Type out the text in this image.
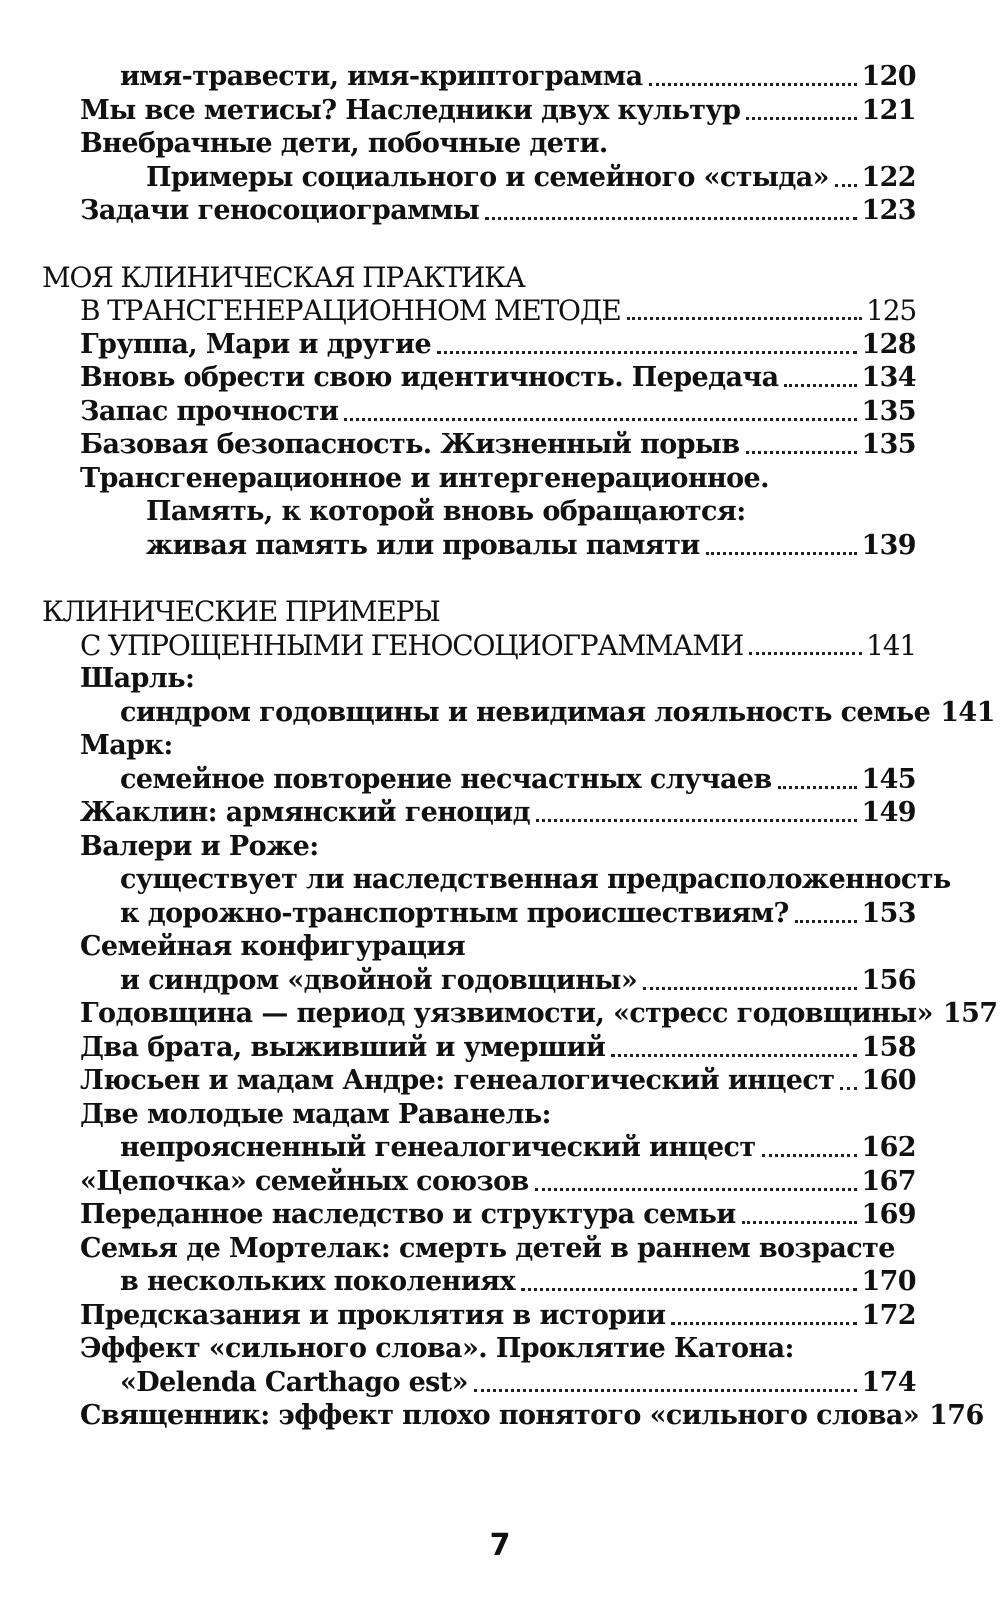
имя-травести, имя-криптограмма	120
Мы все метисы? Наследники двух культур	121
Внебрачные дети, побочные дети.
Примеры социального и семейного «стыда» 122
Задачи геносоциограммы	123
МОЯ КЛИНИЧЕСКАЯ ПРАКТИКА
В ТРАНСГЕНЕРАЦИОННОМ МЕТОДЕ	125
Группа, Мари и другие	128
Вновь обрести свою идентичность. Передача	134
Запас прочности	135
Базовая безопасность. Жизненный порыв	135
Трансгенерационное и интергенерационное.
Память, к которой вновь обращаются:
живая память или провалы памяти	139
КЛИНИЧЕСКИЕ ПРИМЕРЫ
С УПРОЩЕННЫМИ ГЕНОСОЦИОГРАММАМИ	141
Шарль:
синдром годовщины и невидимая лояльность семье 141
Марк:
семейное повторение несчастных случаев	145
Жаклин: армянский геноцид	149
Валери и Роже:
существует ли наследственная предрасположенность
к дорожно-транспортным происшествиям?	153
Семейная конфигурация
и синдром «двойной годовщины»	156
Годовщина — период уязвимости, «стресс годовщины» 157
Два брата, выживший и умерший	158
Люсьен и мадам Андре: генеалогический инцест 160
Две молодые мадам Раванель:
непроясненный генеалогический инцест	162
«Цепочка» семейных союзов	167
Переданное наследство и структура семьи	169
Семья де Мортелак: смерть детей в раннем возрасте
в нескольких поколениях	170
Предсказания и проклятия в истории	172
Эффект «сильного слова». Проклятие Катона:
«Delenda Carthago est»	174
Священник: эффект плохо понятого «сильного слова» 176
7
